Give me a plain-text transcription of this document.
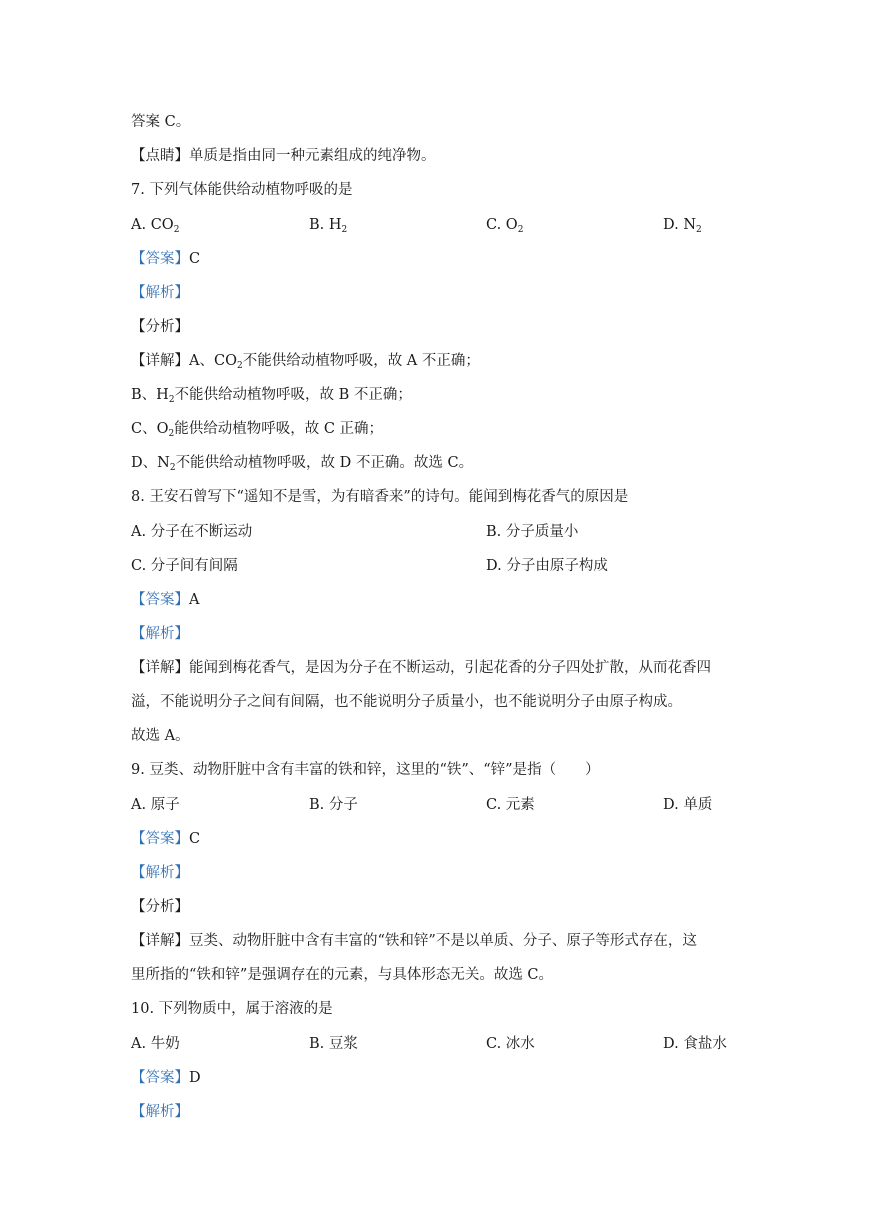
答案 C。
【点睛】单质是指由同一种元素组成的纯净物。
7. 下列气体能供给动植物呼吸的是
A. $CO_2$	B. $H_2$	C. $O_2$	D. $N_2$
【答案】C
【解析】
【分析】
【详解】A、$CO_2$不能供给动植物呼吸，故 A 不正确；
B、$H_2$不能供给动植物呼吸，故 B 不正确；
C、$O_2$能供给动植物呼吸，故 C 正确；
D、$N_2$不能供给动植物呼吸，故 D 不正确。故选 C。
8. 王安石曾写下“遥知不是雪，为有暗香来”的诗句。能闻到梅花香气的原因是
A. 分子在不断运动	B. 分子质量小
C. 分子间有间隔	D. 分子由原子构成
【答案】A
【解析】
【详解】能闻到梅花香气，是因为分子在不断运动，引起花香的分子四处扩散，从而花香四
溢，不能说明分子之间有间隔，也不能说明分子质量小，也不能说明分子由原子构成。
故选 A。
9. 豆类、动物肝脏中含有丰富的铁和锌，这里的“铁”、“锌”是指（　　）
A. 原子	B. 分子	C. 元素	D. 单质
【答案】C
【解析】
【分析】
【详解】豆类、动物肝脏中含有丰富的“铁和锌”不是以单质、分子、原子等形式存在，这
里所指的“铁和锌”是强调存在的元素，与具体形态无关。故选 C。
10. 下列物质中，属于溶液的是
A. 牛奶	B. 豆浆	C. 冰水	D. 食盐水
【答案】D
【解析】
